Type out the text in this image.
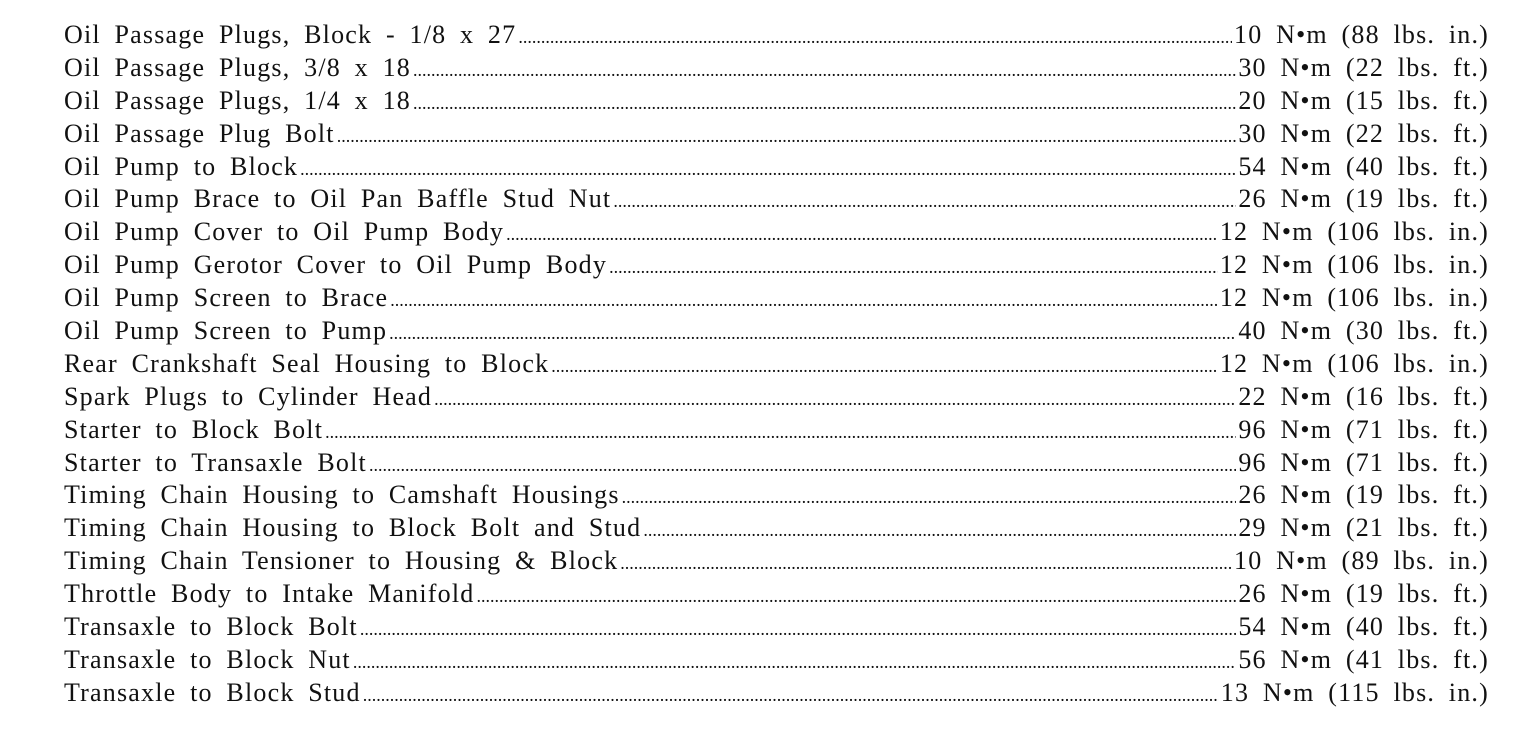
Oil Passage Plugs, Block - 1/8 x 27 .....	10 N•m (88 lbs. in.)
Oil Passage Plugs, 3/8 x 18 .....	30 N•m (22 lbs. ft.)
Oil Passage Plugs, 1/4 x 18 .....	20 N•m (15 lbs. ft.)
Oil Passage Plug Bolt .....	30 N•m (22 lbs. ft.)
Oil Pump to Block .....	54 N•m (40 lbs. ft.)
Oil Pump Brace to Oil Pan Baffle Stud Nut .....	26 N•m (19 lbs. ft.)
Oil Pump Cover to Oil Pump Body .....	12 N•m (106 lbs. in.)
Oil Pump Gerotor Cover to Oil Pump Body .....	12 N•m (106 lbs. in.)
Oil Pump Screen to Brace .....	12 N•m (106 lbs. in.)
Oil Pump Screen to Pump .....	40 N•m (30 lbs. ft.)
Rear Crankshaft Seal Housing to Block .....	12 N•m (106 lbs. in.)
Spark Plugs to Cylinder Head .....	22 N•m (16 lbs. ft.)
Starter to Block Bolt .....	96 N•m (71 lbs. ft.)
Starter to Transaxle Bolt .....	96 N•m (71 lbs. ft.)
Timing Chain Housing to Camshaft Housings .....	26 N•m (19 lbs. ft.)
Timing Chain Housing to Block Bolt and Stud .....	29 N•m (21 lbs. ft.)
Timing Chain Tensioner to Housing & Block .....	10 N•m (89 lbs. in.)
Throttle Body to Intake Manifold .....	26 N•m (19 lbs. ft.)
Transaxle to Block Bolt .....	54 N•m (40 lbs. ft.)
Transaxle to Block Nut .....	56 N•m (41 lbs. ft.)
Transaxle to Block Stud .....	13 N•m (115 lbs. in.)
